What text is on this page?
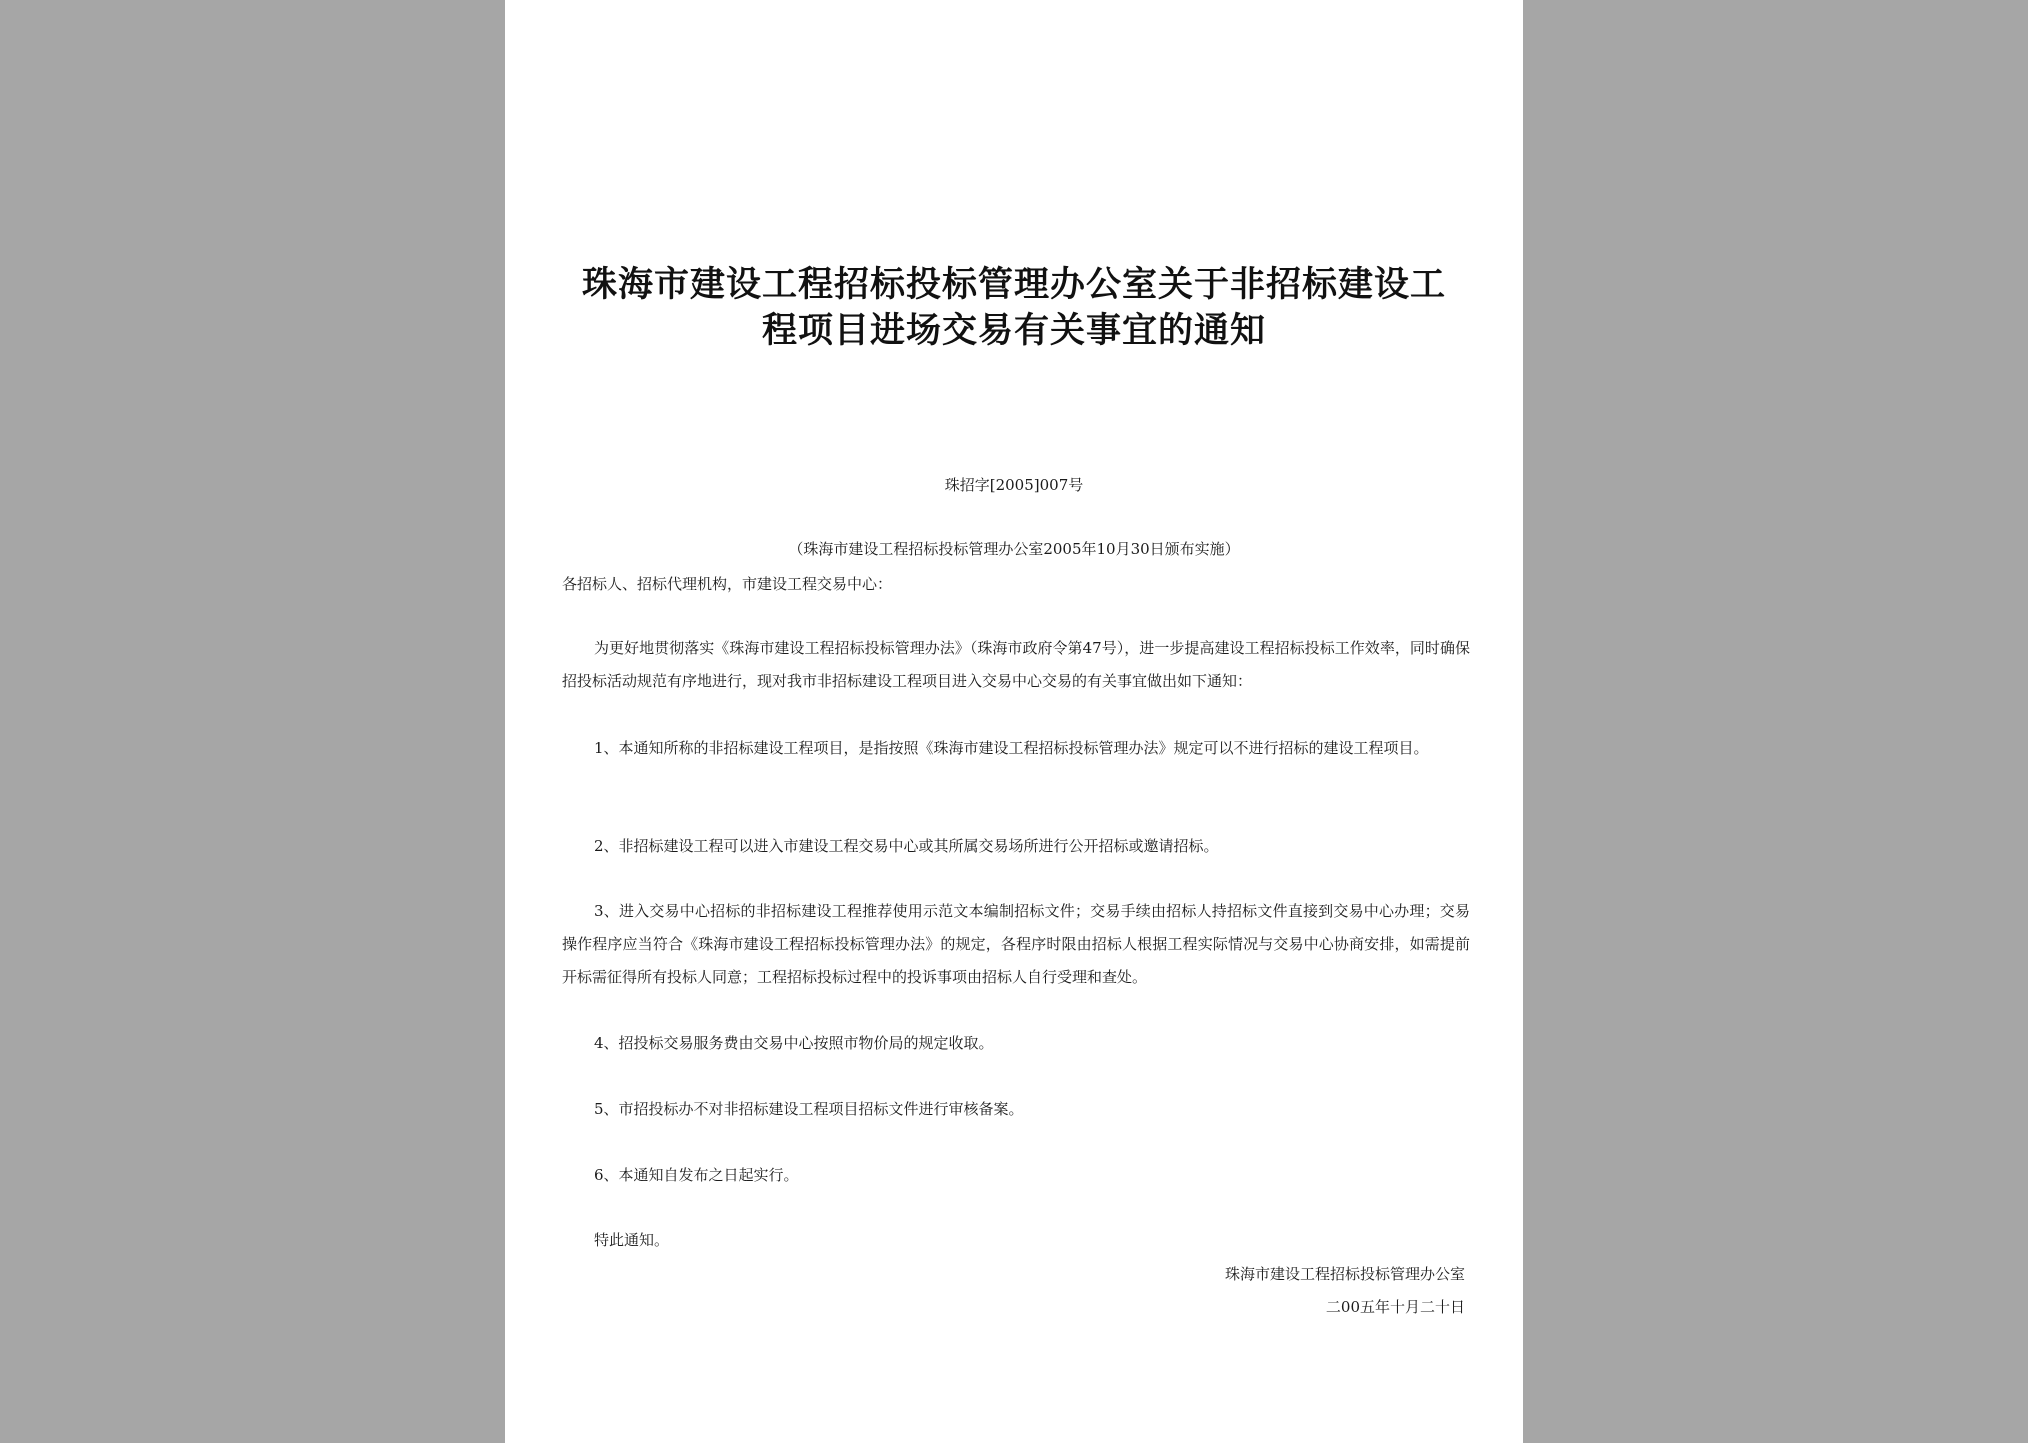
珠海市建设工程招标投标管理办公室关于非招标建设工
程项目进场交易有关事宜的通知
珠招字[2005]007号
（珠海市建设工程招标投标管理办公室2005年10月30日颁布实施）
各招标人、招标代理机构，市建设工程交易中心：
为更好地贯彻落实《珠海市建设工程招标投标管理办法》（珠海市政府令第47号），进一步提高建设工程招标投标工作效率，同时确保招投标活动规范有序地进行，现对我市非招标建设工程项目进入交易中心交易的有关事宜做出如下通知：
1、本通知所称的非招标建设工程项目，是指按照《珠海市建设工程招标投标管理办法》规定可以不进行招标的建设工程项目。
2、非招标建设工程可以进入市建设工程交易中心或其所属交易场所进行公开招标或邀请招标。
3、进入交易中心招标的非招标建设工程推荐使用示范文本编制招标文件；交易手续由招标人持招标文件直接到交易中心办理；交易操作程序应当符合《珠海市建设工程招标投标管理办法》的规定，各程序时限由招标人根据工程实际情况与交易中心协商安排，如需提前开标需征得所有投标人同意；工程招标投标过程中的投诉事项由招标人自行受理和查处。
4、招投标交易服务费由交易中心按照市物价局的规定收取。
5、市招投标办不对非招标建设工程项目招标文件进行审核备案。
6、本通知自发布之日起实行。
特此通知。
珠海市建设工程招标投标管理办公室
二00五年十月二十日
